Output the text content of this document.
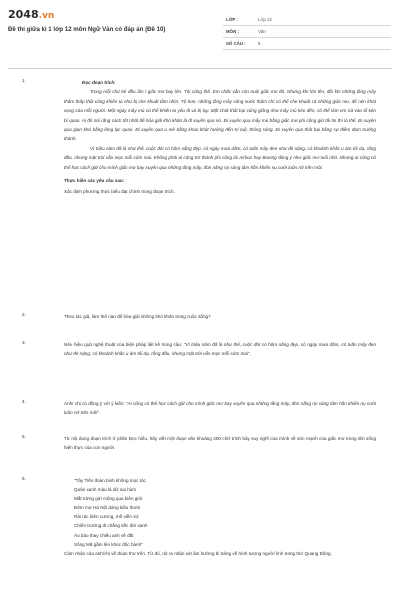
2048.vn
Đề thi giữa kì 1 lớp 12 môn Ngữ Văn có đáp án (Đề 10)
LỚP :	Lớp 12
MÔN :	Văn
SỐ CÂU :	6
1.	Đọc đoạn trích:

Trong mỗi chú bé đều ẩm ỉ giấc mơ bay lên. Tôi cũng thế. Em chắc vẫn còn nuôi giấc mơ đó. Nhưng khi lớn lên, đôi khi những tầng mây thâm thấp thôi cũng khiến ta như bị che khuất tầm nhìn. Tệ hơn, những tầng mây sũng nước thậm chí có thể che khuất cả những giấc mơ, để nén khát vọng của mỗi người. Một ngày mây mù có thể khiến ta yếu đi và bị lụy. Một chút thất bại cũng giống như mây mù kéo đến, có thể làm em rút vào tổ kén bí quan. Ai đó nói rằng cách tốt nhất để hóa giải khó khăn là đi xuyên qua nó. Đi xuyên qua mây mù bằng giấc mơ phi công giờ tôi tin thì là thế. Đi xuyên qua gian khó bằng lòng lạc quan. Đi xuyên qua u mê bằng khao khát hướng đến trí tuệ, thông sáng. Đi xuyên qua thất bại bằng sự điềm đạm trưởng thành.

Vì triệu năm đã là như thế, cuộc đời có hôm nắng đẹp, có ngày mưa dầm, có tuần mây đen như đè nặng, có khoảnh khắc u ám tối dạ, rồng đầu, nhưng mặt trời vẫn mọc mỗi sớm mai. Không phải ai cũng trở thành phi công lái Airbus hay Boeing đúng ý như giấc mơ tuổi nhỏ. Nhưng ai cũng có thể học cách giữ cho mình giấc mơ bay xuyên qua những tầng mây, đón nắng rọi sáng tâm hồn khiến nụ cười luôn nở trên môi.

Thực hiện các yêu cầu sau:

Xác định phương thức biểu đạt chính trong đoạn trích.

2.	Theo tác giả, làm thế nào để hóa giải những khó khăn trong cuộc sống?

3.	Nêu hiệu quả nghệ thuật của biện pháp liệt kê trong câu: "Vì triệu năm đã là như thế, cuộc đời có hôm nắng đẹp, có ngày mưa dầm, có tuần mây đen như đè nặng, có khoảnh khắc u ám tối dạ, rồng đầu, nhưng mặt trời vẫn mọc mỗi sớm mai".

4.	Anh/ chị có đồng ý với ý kiến: "Ai cũng có thể học cách giữ cho mình giấc mơ bay xuyên qua những tầng mây, đón nắng rọi sáng tâm hồn khiến nụ cười luôn nở trên môi".

5.	Từ nội dung đoạn trích ở phần Đọc hiểu, hãy viết một đoạn văn khoảng 200 chữ trình bày suy nghĩ của mình về sức mạnh của giấc mơ trong đời sống hiện thực của con người.

6.	"Tây Tiến đoàn binh không mọc tóc
Quân xanh màu lá dữ oai hùm
Mắt trừng gửi mộng qua biên giới
Đêm mơ Hà Nội dáng kiều thơm
Rải rác biên cương, mồ viễn xứ
Chiến trường đi chẳng tiếc đời xanh
Áo bào thay chiếu anh về đất
Sông Mã gầm lên khúc độc hành"

Cảm nhận của anh/chị về đoạn thơ trên. Từ đó, rút ra nhận xét âm hưởng bi tráng về hình tượng người lính trong thơ Quang Dũng.
